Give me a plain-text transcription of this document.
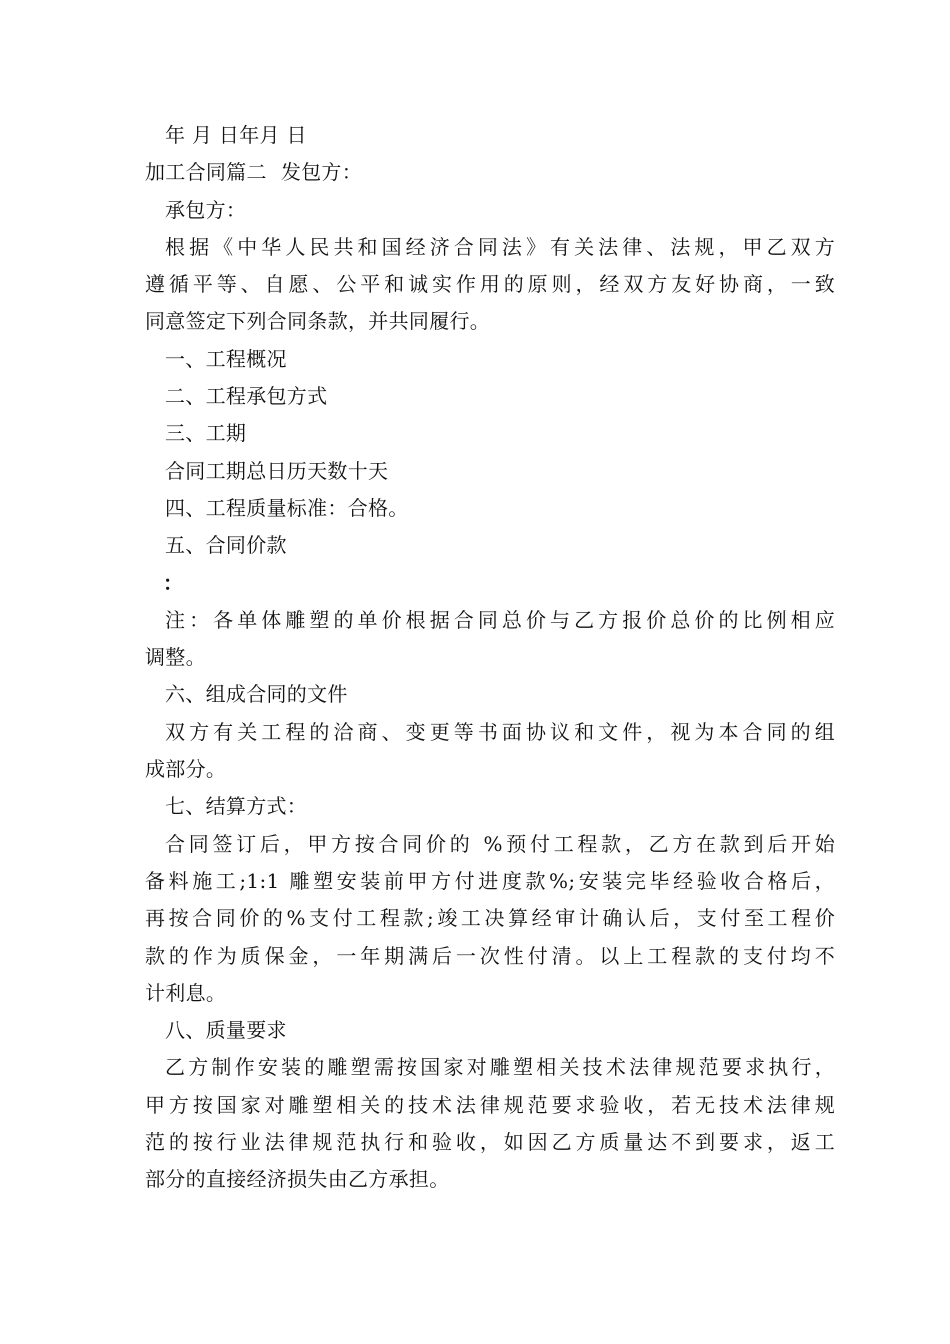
年 月 日年月 日
加工合同篇二 发包方：
承包方：
根据《中华人民共和国经济合同法》有关法律、法规，甲乙双方
遵循平等、自愿、公平和诚实作用的原则，经双方友好协商，一致
同意签定下列合同条款，并共同履行。
一、工程概况
二、工程承包方式
三、工期
合同工期总日历天数十天
四、工程质量标准：合格。
五、合同价款
：
注：各单体雕塑的单价根据合同总价与乙方报价总价的比例相应
调整。
六、组成合同的文件
双方有关工程的洽商、变更等书面协议和文件，视为本合同的组
成部分。
七、结算方式：
合同签订后，甲方按合同价的 %预付工程款，乙方在款到后开始
备料施工;1:1 雕塑安装前甲方付进度款%;安装完毕经验收合格后，
再按合同价的%支付工程款;竣工决算经审计确认后，支付至工程价
款的作为质保金，一年期满后一次性付清。以上工程款的支付均不
计利息。
八、质量要求
乙方制作安装的雕塑需按国家对雕塑相关技术法律规范要求执行，
甲方按国家对雕塑相关的技术法律规范要求验收，若无技术法律规
范的按行业法律规范执行和验收，如因乙方质量达不到要求，返工
部分的直接经济损失由乙方承担。
